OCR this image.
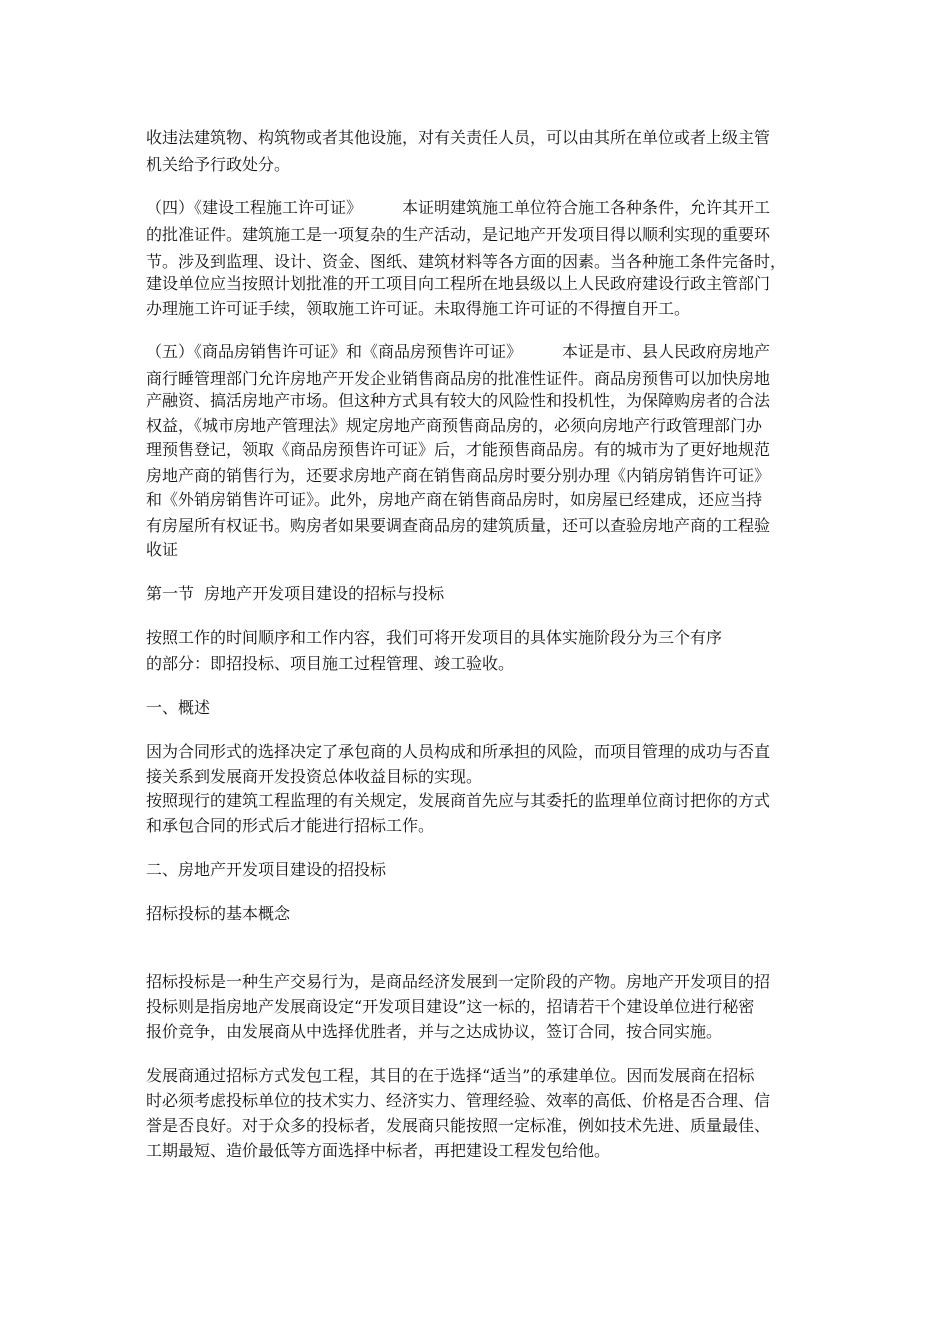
收违法建筑物、构筑物或者其他设施，对有关责任人员，可以由其所在单位或者上级主管
机关给予行政处分。
（四）《建设工程施工许可证》　　　本证明建筑施工单位符合施工各种条件，允许其开工
的批准证件。建筑施工是一项复杂的生产活动，是记地产开发项目得以顺利实现的重要环
节。涉及到监理、设计、资金、图纸、建筑材料等各方面的因素。当各种施工条件完备时，
建设单位应当按照计划批准的开工项目向工程所在地县级以上人民政府建设行政主管部门
办理施工许可证手续，领取施工许可证。未取得施工许可证的不得擅自开工。
（五）《商品房销售许可证》和《商品房预售许可证》　　　本证是市、县人民政府房地产
商行睡管理部门允许房地产开发企业销售商品房的批准性证件。商品房预售可以加快房地
产融资、搞活房地产市场。但这种方式具有较大的风险性和投机性，为保障购房者的合法
权益，《城市房地产管理法》规定房地产商预售商品房的，必须向房地产行政管理部门办
理预售登记，领取《商品房预售许可证》后，才能预售商品房。有的城市为了更好地规范
房地产商的销售行为，还要求房地产商在销售商品房时要分别办理《内销房销售许可证》
和《外销房销售许可证》。此外，房地产商在销售商品房时，如房屋已经建成，还应当持
有房屋所有权证书。购房者如果要调查商品房的建筑质量，还可以查验房地产商的工程验
收证
第一节  房地产开发项目建设的招标与投标
按照工作的时间顺序和工作内容，我们可将开发项目的具体实施阶段分为三个有序
的部分：即招投标、项目施工过程管理、竣工验收。
一、概述
因为合同形式的选择决定了承包商的人员构成和所承担的风险，而项目管理的成功与否直
接关系到发展商开发投资总体收益目标的实现。
按照现行的建筑工程监理的有关规定，发展商首先应与其委托的监理单位商讨把你的方式
和承包合同的形式后才能进行招标工作。
二、房地产开发项目建设的招投标
招标投标的基本概念
招标投标是一种生产交易行为，是商品经济发展到一定阶段的产物。房地产开发项目的招
投标则是指房地产发展商设定“开发项目建设”这一标的，招请若干个建设单位进行秘密
报价竞争，由发展商从中选择优胜者，并与之达成协议，签订合同，按合同实施。
发展商通过招标方式发包工程，其目的在于选择“适当”的承建单位。因而发展商在招标
时必须考虑投标单位的技术实力、经济实力、管理经验、效率的高低、价格是否合理、信
誉是否良好。对于众多的投标者，发展商只能按照一定标准，例如技术先进、质量最佳、
工期最短、造价最低等方面选择中标者，再把建设工程发包给他。
